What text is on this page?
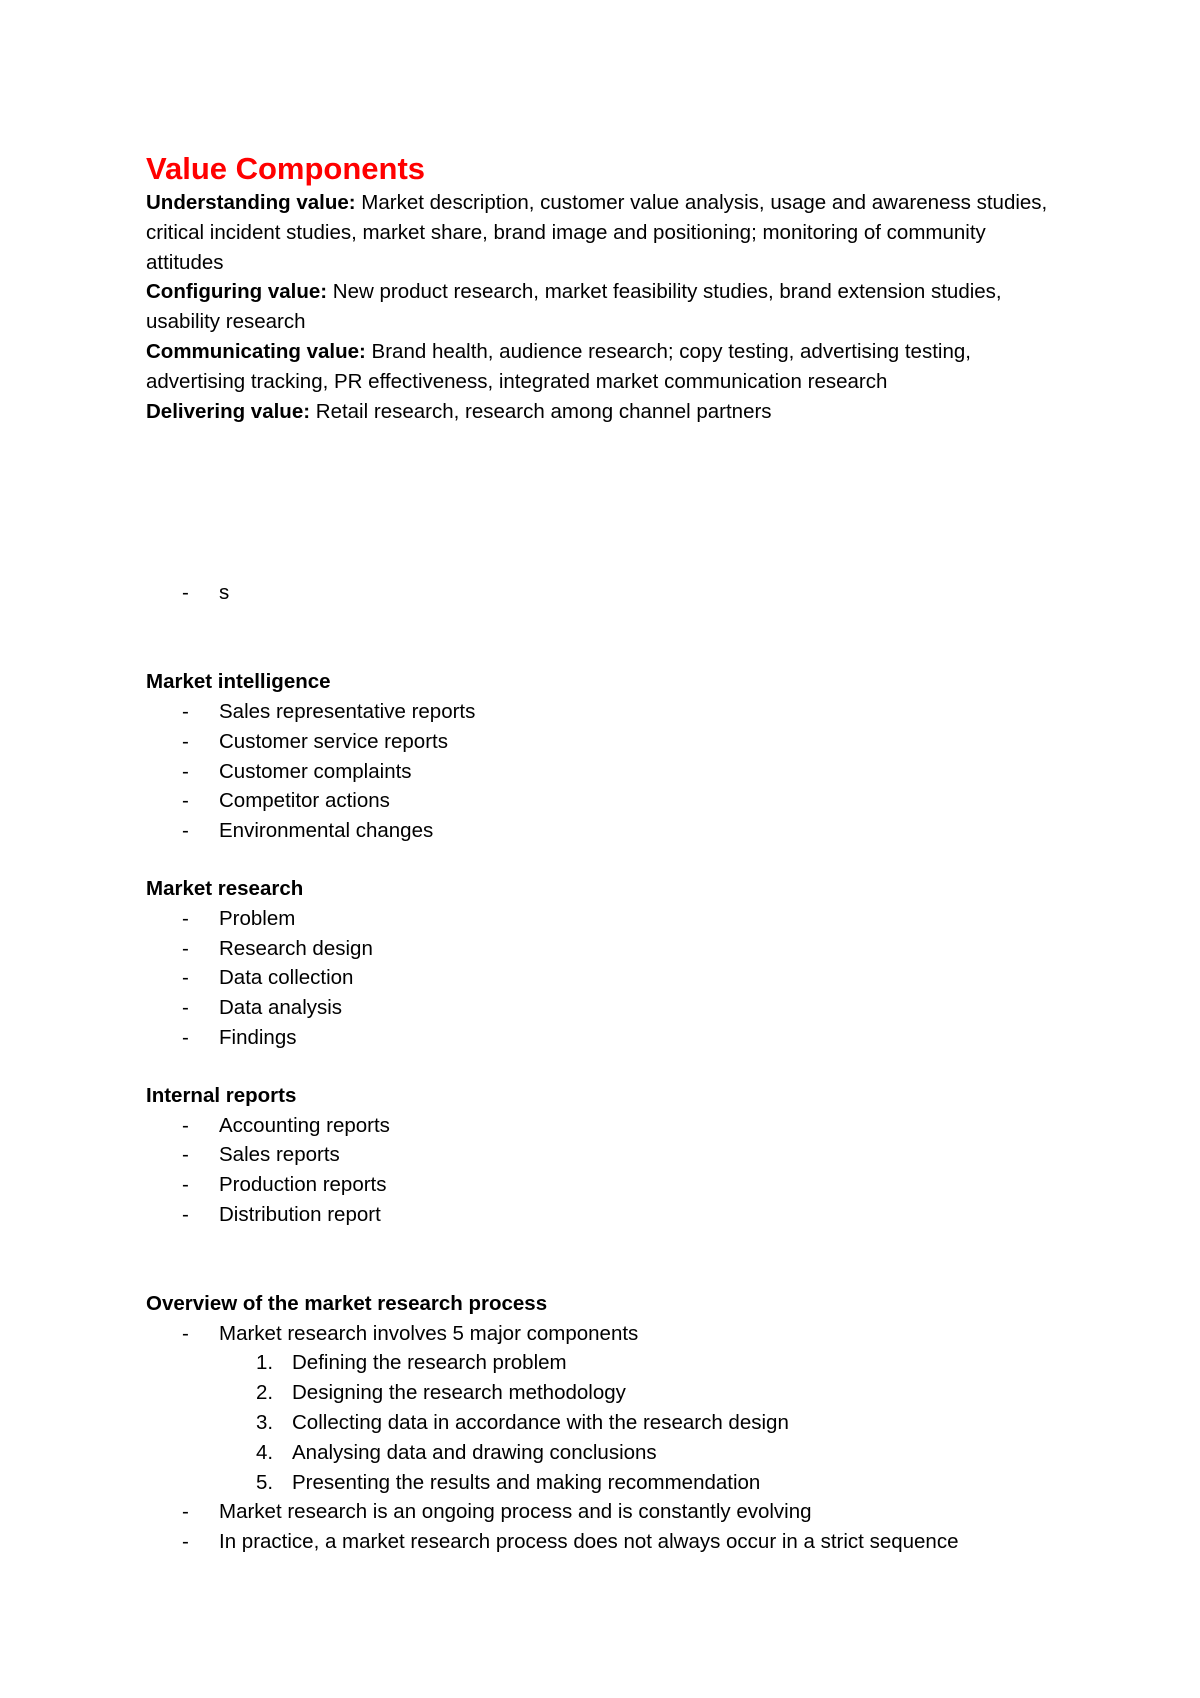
Value Components

Understanding value: Market description, customer value analysis, usage and awareness studies, critical incident studies, market share, brand image and positioning; monitoring of community attitudes

Configuring value: New product research, market feasibility studies, brand extension studies, usability research

Communicating value: Brand health, audience research; copy testing, advertising testing, advertising tracking, PR effectiveness, integrated market communication research

Delivering value: Retail research, research among channel partners

- s

Market intelligence

- Sales representative reports
- Customer service reports
- Customer complaints
- Competitor actions
- Environmental changes

Market research

- Problem
- Research design
- Data collection
- Data analysis
- Findings

Internal reports

- Accounting reports
- Sales reports
- Production reports
- Distribution report

Overview of the market research process

- Market research involves 5 major components
1. Defining the research problem
2. Designing the research methodology
3. Collecting data in accordance with the research design
4. Analysing data and drawing conclusions
5. Presenting the results and making recommendation
- Market research is an ongoing process and is constantly evolving
- In practice, a market research process does not always occur in a strict sequence
